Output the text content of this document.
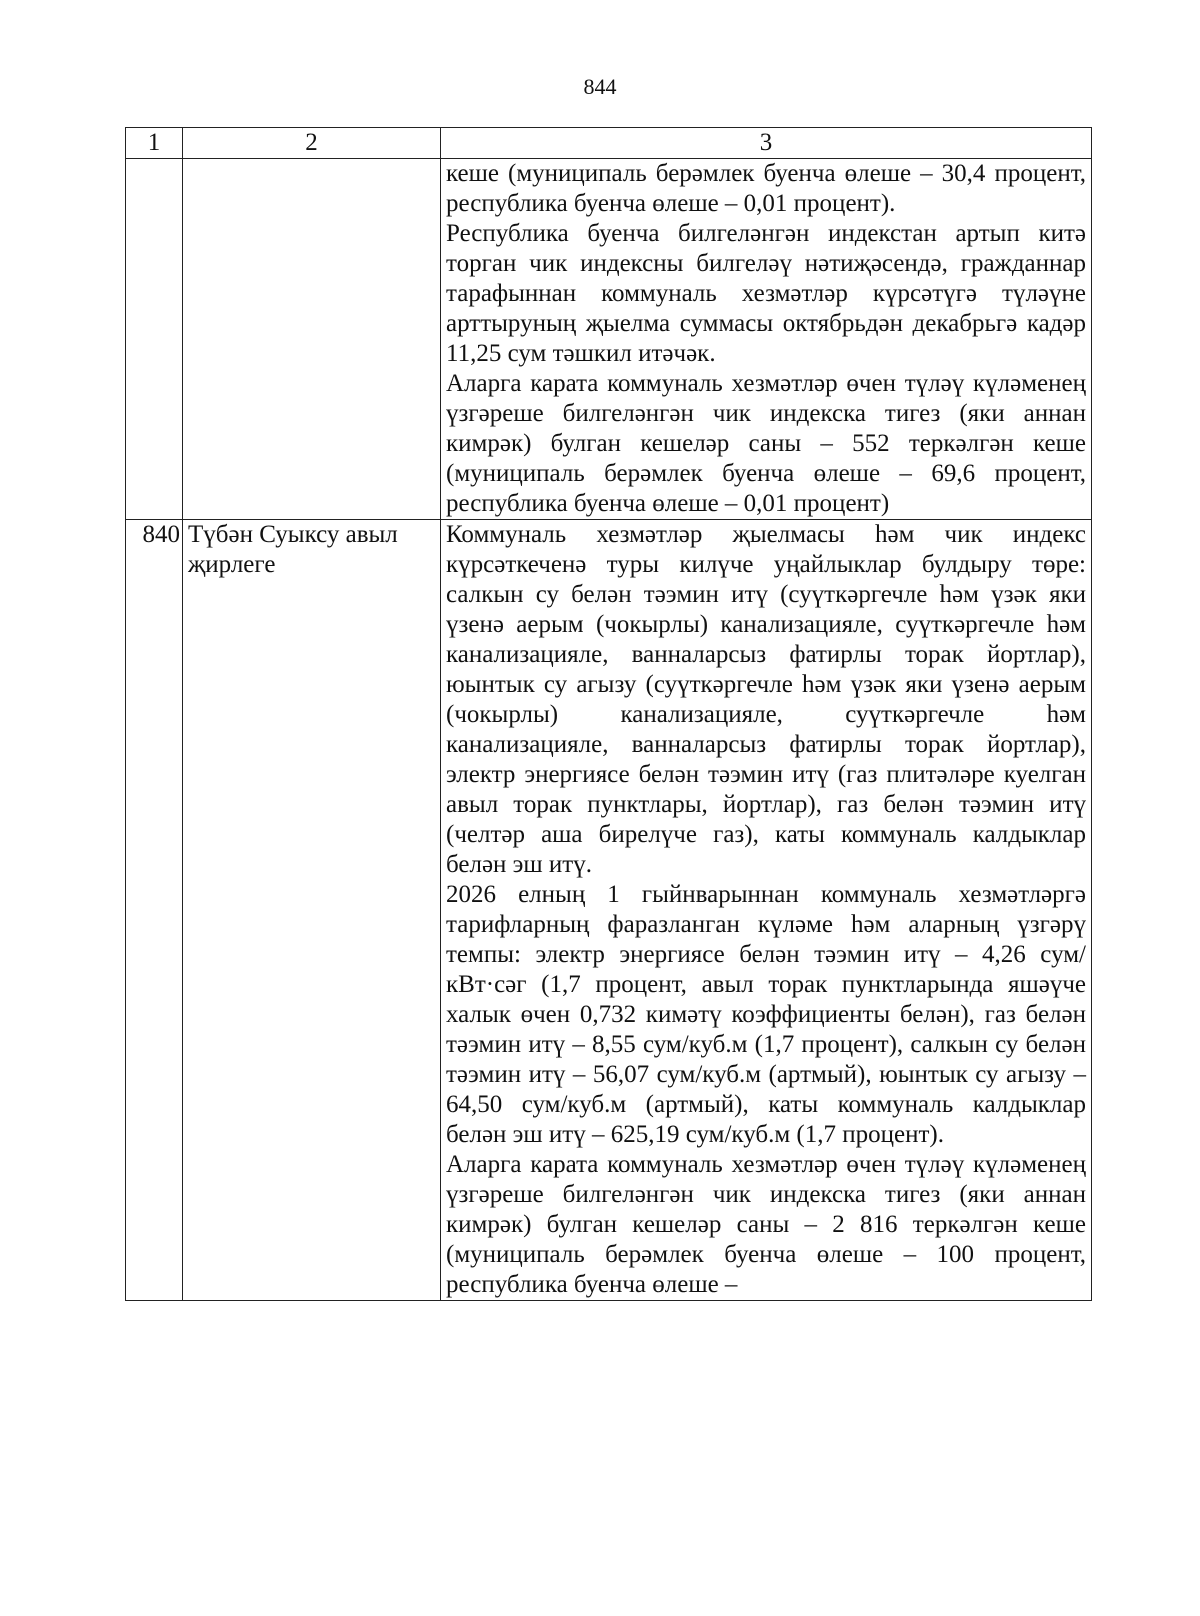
844
1	2	3

		кеше (муниципаль берәмлек буенча өлеше – 30,4 процент, республика буенча өлеше – 0,01 процент).

Республика буенча билгеләнгән индекстан артып китә торган чик индексны билгеләү нәтиҗәсендә, гражданнар тарафыннан коммуналь хезмәтләр күрсәтүгә түләүне арттыруның җыелма суммасы октябрьдән декабрьгә кадәр 11,25 сум тәшкил итәчәк.

Аларга карата коммуналь хезмәтләр өчен түләү күләменең үзгәреше билгеләнгән чик индекска тигез (яки аннан кимрәк) булган кешеләр саны – 552 теркәлгән кеше (муниципаль берәмлек буенча өлеше – 69,6 процент, республика буенча өлеше – 0,01 процент)

840	Түбән Суыксу авыл җирлеге	Коммуналь хезмәтләр җыелмасы һәм чик индекс күрсәткеченә туры килүче уңайлыклар булдыру төре: салкын су белән тәэмин итү (суүткәргечле һәм үзәк яки үзенә аерым (чокырлы) канализацияле, суүткәргечле һәм канализацияле, ванналарсыз фатирлы торак йортлар), юынтык су агызу (суүткәргечле һәм үзәк яки үзенә аерым (чокырлы) канализацияле, суүткәргечле һәм канализацияле, ванналарсыз фатирлы торак йортлар), электр энергиясе белән тәэмин итү (газ плитәләре куелган авыл торак пунктлары, йортлар), газ белән тәэмин итү (челтәр аша бирелүче газ), каты коммуналь калдыклар белән эш итү.

2026 елның 1 гыйнварыннан коммуналь хезмәтләргә тарифларның фаразланган күләме һәм аларның үзгәрү темпы: электр энергиясе белән тәэмин итү – 4,26 сум/кВт·сәг (1,7 процент, авыл торак пунктларында яшәүче халык өчен 0,732 кимәтү коэффициенты белән), газ белән тәэмин итү – 8,55 сум/куб.м (1,7 процент), салкын су белән тәэмин итү – 56,07 сум/куб.м (артмый), юынтык су агызу – 64,50 сум/куб.м (артмый), каты коммуналь калдыклар белән эш итү – 625,19 сум/куб.м (1,7 процент).

Аларга карата коммуналь хезмәтләр өчен түләү күләменең үзгәреше билгеләнгән чик индекска тигез (яки аннан кимрәк) булган кешеләр саны – 2 816 теркәлгән кеше (муниципаль берәмлек буенча өлеше – 100 процент, республика буенча өлеше –
